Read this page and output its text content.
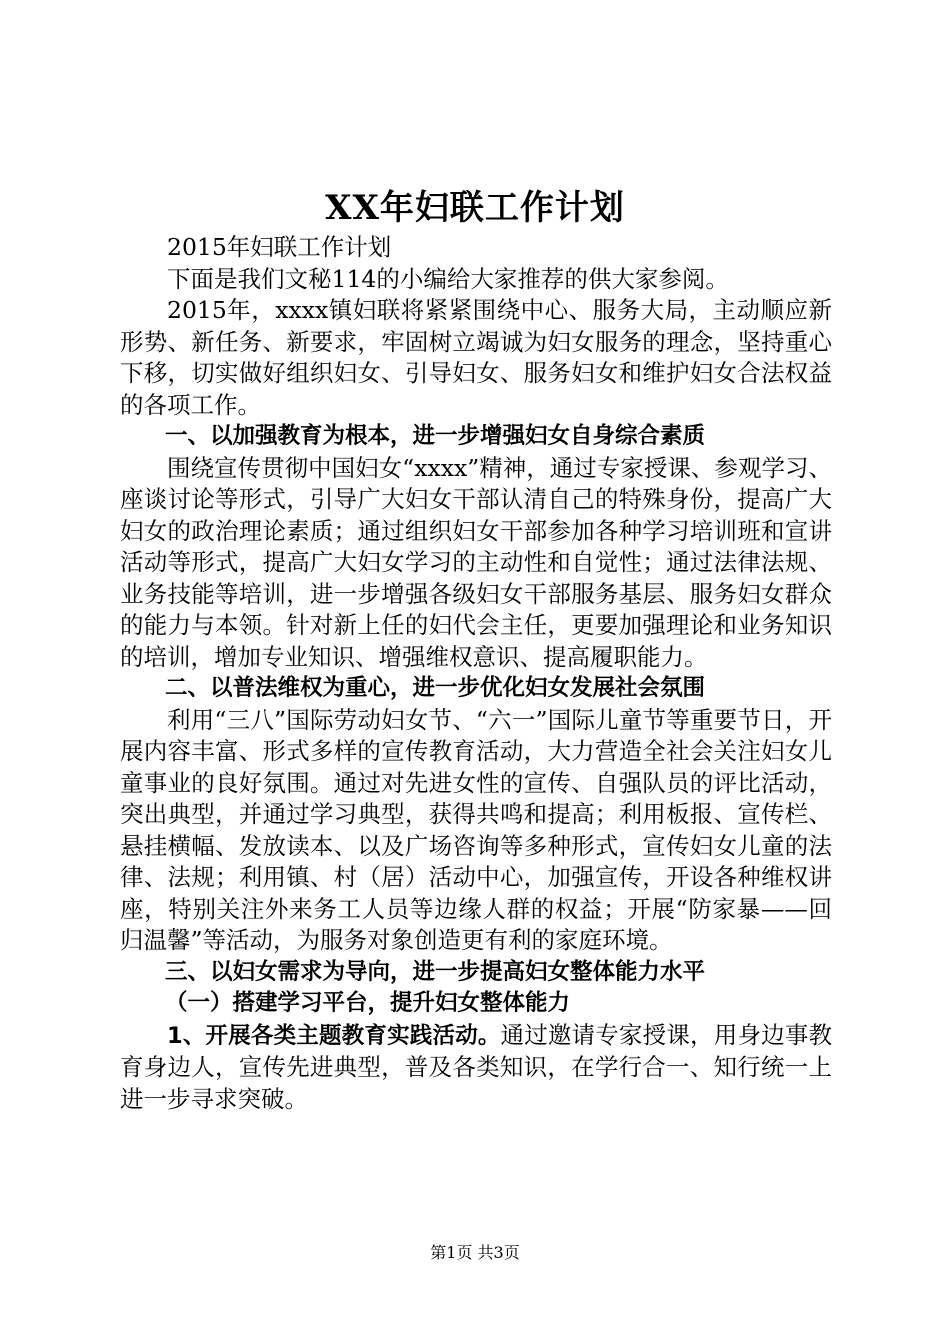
XX年妇联工作计划

2015年妇联工作计划

下面是我们文秘114的小编给大家推荐的供大家参阅。

2015年，xxxx镇妇联将紧紧围绕中心、服务大局，主动顺应新形势、新任务、新要求，牢固树立竭诚为妇女服务的理念，坚持重心下移，切实做好组织妇女、引导妇女、服务妇女和维护妇女合法权益的各项工作。

一、以加强教育为根本，进一步增强妇女自身综合素质

围绕宣传贯彻中国妇女“xxxx”精神，通过专家授课、参观学习、座谈讨论等形式，引导广大妇女干部认清自己的特殊身份，提高广大妇女的政治理论素质；通过组织妇女干部参加各种学习培训班和宣讲活动等形式，提高广大妇女学习的主动性和自觉性；通过法律法规、业务技能等培训，进一步增强各级妇女干部服务基层、服务妇女群众的能力与本领。针对新上任的妇代会主任，更要加强理论和业务知识的培训，增加专业知识、增强维权意识、提高履职能力。

二、以普法维权为重心，进一步优化妇女发展社会氛围

利用“三八”国际劳动妇女节、“六一”国际儿童节等重要节日，开展内容丰富、形式多样的宣传教育活动，大力营造全社会关注妇女儿童事业的良好氛围。通过对先进女性的宣传、自强队员的评比活动，突出典型，并通过学习典型，获得共鸣和提高；利用板报、宣传栏、悬挂横幅、发放读本、以及广场咨询等多种形式，宣传妇女儿童的法律、法规；利用镇、村（居）活动中心，加强宣传，开设各种维权讲座，特别关注外来务工人员等边缘人群的权益；开展“防家暴——回归温馨”等活动，为服务对象创造更有利的家庭环境。

三、以妇女需求为导向，进一步提高妇女整体能力水平

（一）搭建学习平台，提升妇女整体能力

1、开展各类主题教育实践活动。通过邀请专家授课，用身边事教育身边人，宣传先进典型，普及各类知识，在学行合一、知行统一上进一步寻求突破。

第1页 共3页
